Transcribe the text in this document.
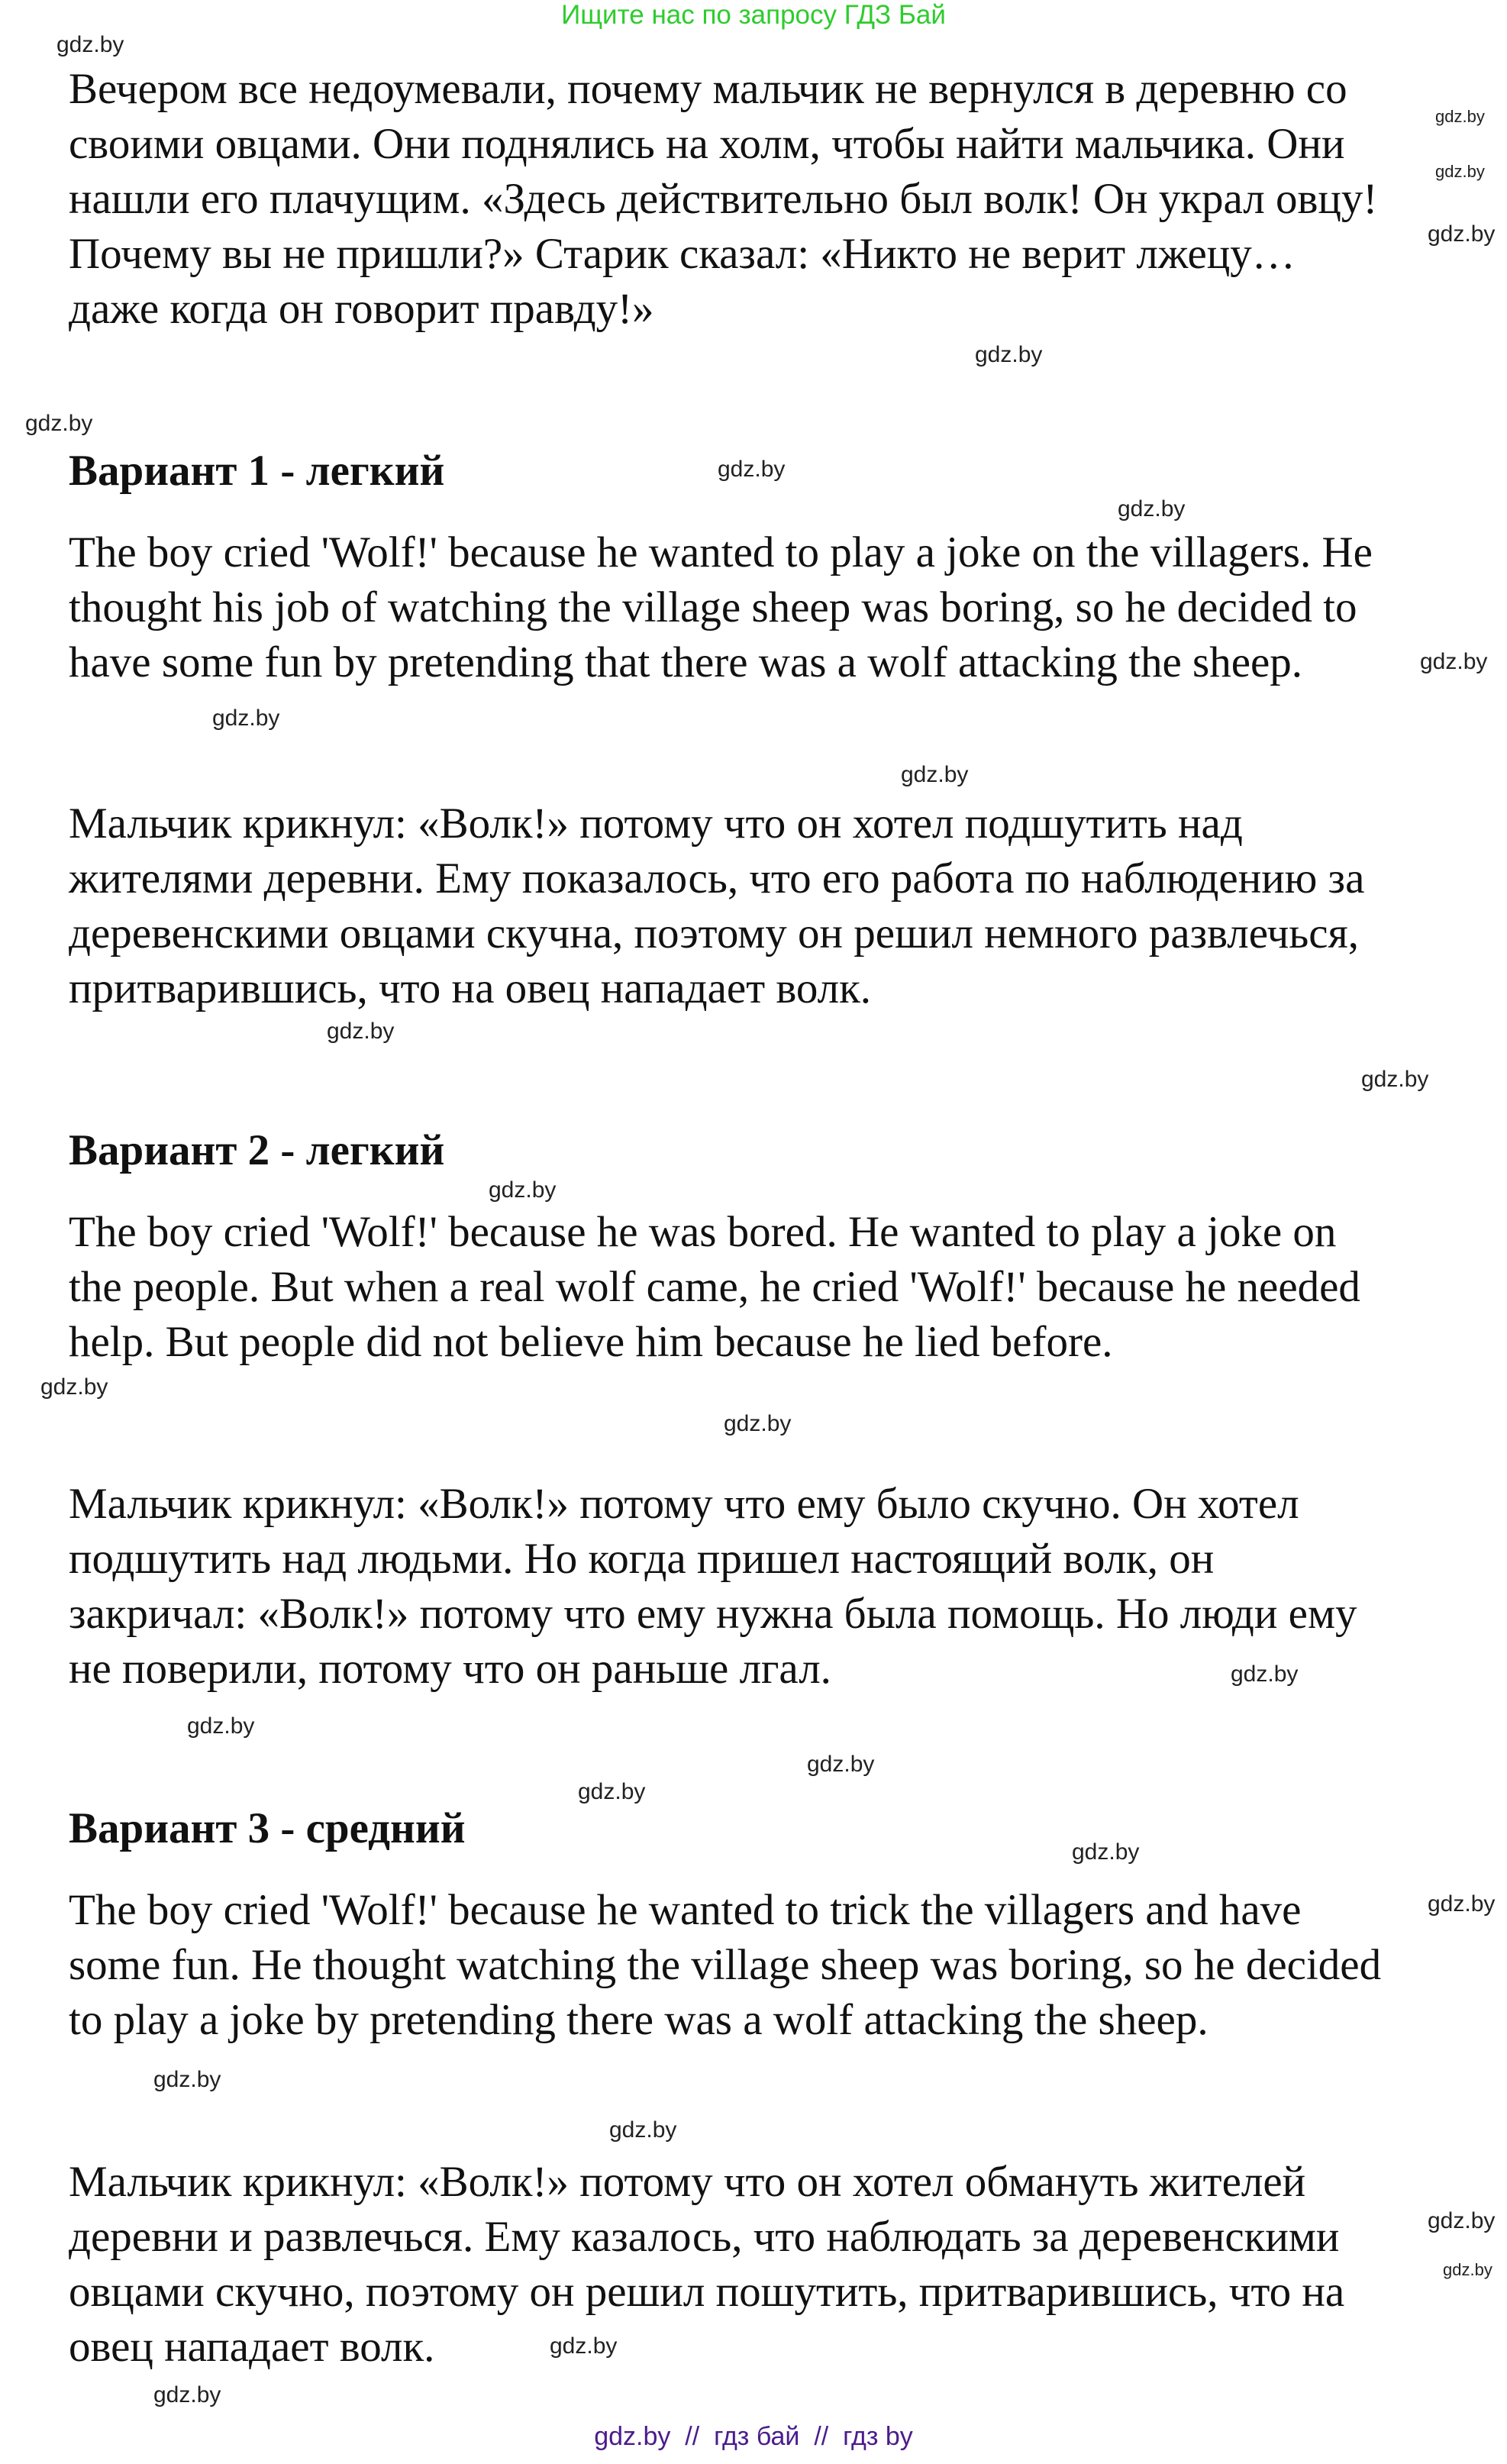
Ищите нас по запросу ГДЗ Бай
Вечером все недоумевали, почему мальчик не вернулся в деревню со
своими овцами. Они поднялись на холм, чтобы найти мальчика. Они
нашли его плачущим. «Здесь действительно был волк! Он украл овцу!
Почему вы не пришли?» Старик сказал: «Никто не верит лжецу…
даже когда он говорит правду!»
Вариант 1 - легкий
The boy cried 'Wolf!' because he wanted to play a joke on the villagers. He
thought his job of watching the village sheep was boring, so he decided to
have some fun by pretending that there was a wolf attacking the sheep.
Мальчик крикнул: «Волк!» потому что он хотел подшутить над
жителями деревни. Ему показалось, что его работа по наблюдению за
деревенскими овцами скучна, поэтому он решил немного развлечься,
притварившись, что на овец нападает волк.
Вариант 2 - легкий
The boy cried 'Wolf!' because he was bored. He wanted to play a joke on
the people. But when a real wolf came, he cried 'Wolf!' because he needed
help. But people did not believe him because he lied before.
Мальчик крикнул: «Волк!» потому что ему было скучно. Он хотел
подшутить над людьми. Но когда пришел настоящий волк, он
закричал: «Волк!» потому что ему нужна была помощь. Но люди ему
не поверили, потому что он раньше лгал.
Вариант 3 - средний
The boy cried 'Wolf!' because he wanted to trick the villagers and have
some fun. He thought watching the village sheep was boring, so he decided
to play a joke by pretending there was a wolf attacking the sheep.
Мальчик крикнул: «Волк!» потому что он хотел обмануть жителей
деревни и развлечься. Ему казалось, что наблюдать за деревенскими
овцами скучно, поэтому он решил пошутить, притварившись, что на
овец нападает волк.
gdz.by
gdz.by
gdz.by
gdz.by
gdz.by
gdz.by
gdz.by
gdz.by
gdz.by
gdz.by
gdz.by
gdz.by
gdz.by
gdz.by
gdz.by
gdz.by
gdz.by
gdz.by
gdz.by
gdz.by
gdz.by
gdz.by
gdz.by
gdz.by
gdz.by
gdz.by
gdz.by
gdz.by
gdz.by  //  гдз бай  //  гдз by
